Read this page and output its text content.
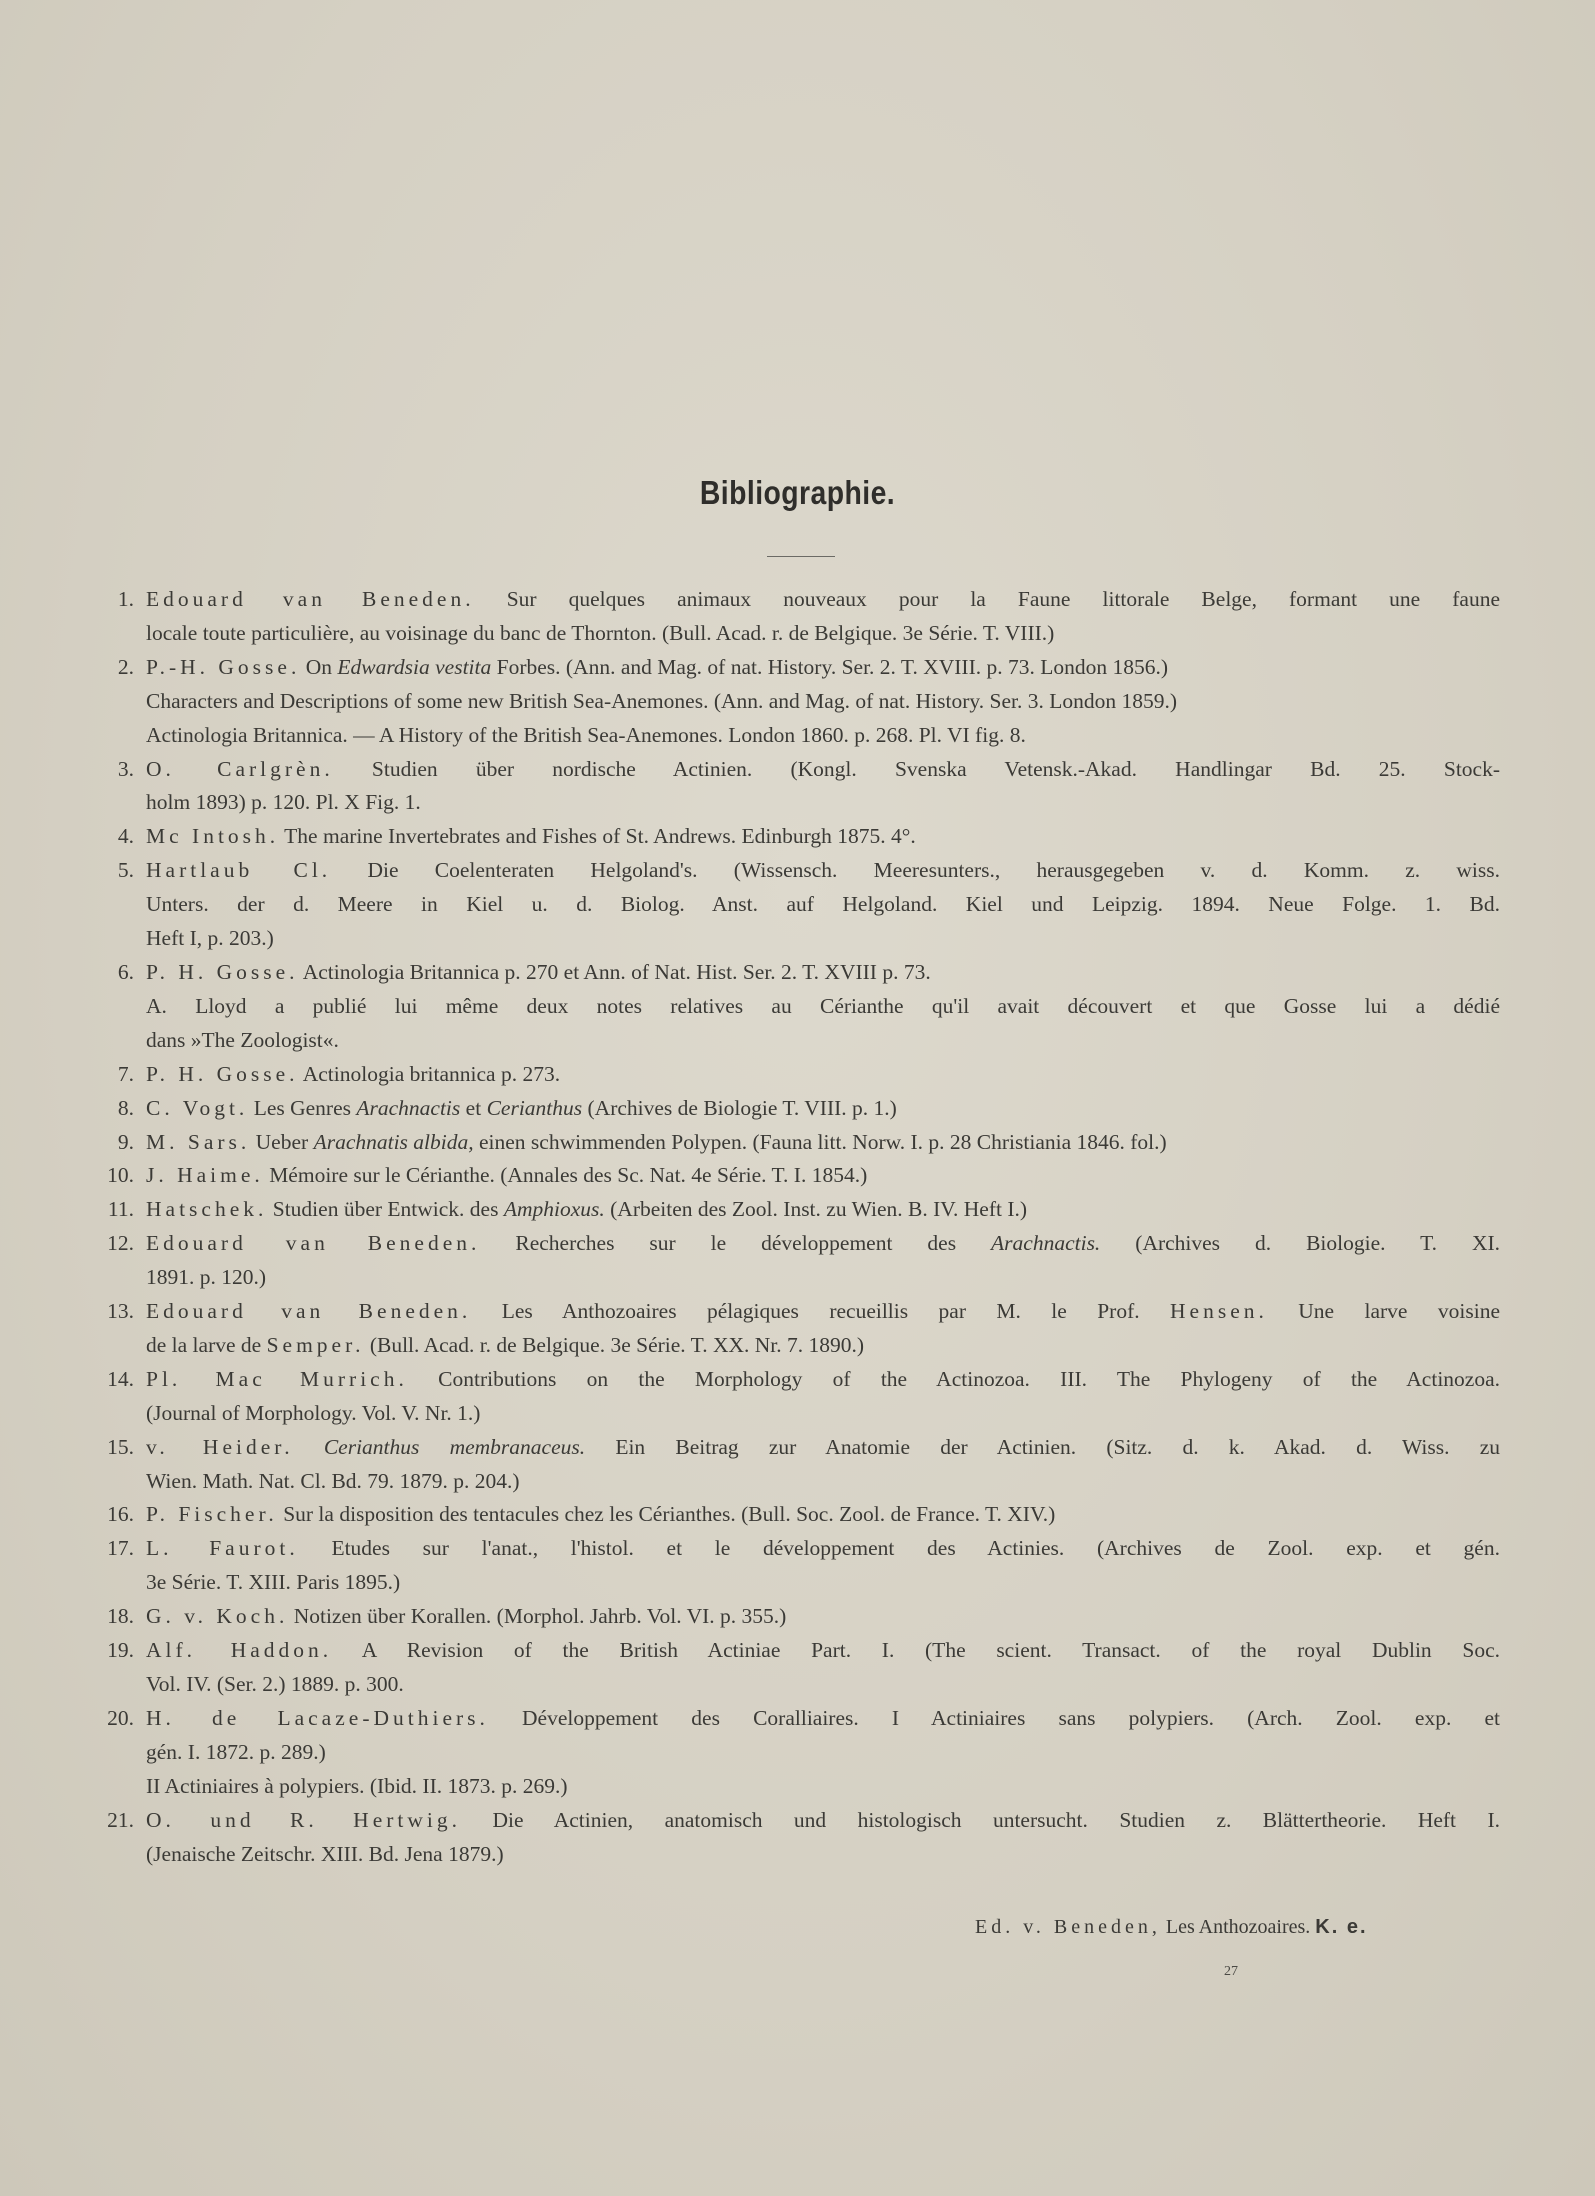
Bibliographie.
1. Edouard van Beneden. Sur quelques animaux nouveaux pour la Faune littorale Belge, formant une faune
locale toute particulière, au voisinage du banc de Thornton. (Bull. Acad. r. de Belgique. 3e Série. T. VIII.)
2. P.-H. Gosse. On Edwardsia vestita Forbes. (Ann. and Mag. of nat. History. Ser. 2. T. XVIII. p. 73. London 1856.)
Characters and Descriptions of some new British Sea-Anemones. (Ann. and Mag. of nat. History. Ser. 3. London 1859.)
Actinologia Britannica. — A History of the British Sea-Anemones. London 1860. p. 268. Pl. VI fig. 8.
3. O. Carlgrèn. Studien über nordische Actinien. (Kongl. Svenska Vetensk.-Akad. Handlingar Bd. 25. Stock-
holm 1893) p. 120. Pl. X Fig. 1.
4. Mc Intosh. The marine Invertebrates and Fishes of St. Andrews. Edinburgh 1875. 4°.
5. Hartlaub Cl. Die Coelenteraten Helgoland's. (Wissensch. Meeresunters., herausgegeben v. d. Komm. z. wiss.
Unters. der d. Meere in Kiel u. d. Biolog. Anst. auf Helgoland. Kiel und Leipzig. 1894. Neue Folge. 1. Bd.
Heft I, p. 203.)
6. P. H. Gosse. Actinologia Britannica p. 270 et Ann. of Nat. Hist. Ser. 2. T. XVIII p. 73.
A. Lloyd a publié lui même deux notes relatives au Cérianthe qu'il avait découvert et que Gosse lui a dédié
dans »The Zoologist«.
7. P. H. Gosse. Actinologia britannica p. 273.
8. C. Vogt. Les Genres Arachnactis et Cerianthus (Archives de Biologie T. VIII. p. 1.)
9. M. Sars. Ueber Arachnatis albida, einen schwimmenden Polypen. (Fauna litt. Norw. I. p. 28 Christiania 1846. fol.)
10. J. Haime. Mémoire sur le Cérianthe. (Annales des Sc. Nat. 4e Série. T. I. 1854.)
11. Hatschek. Studien über Entwick. des Amphioxus. (Arbeiten des Zool. Inst. zu Wien. B. IV. Heft I.)
12. Edouard van Beneden. Recherches sur le développement des Arachnactis. (Archives d. Biologie. T. XI.
1891. p. 120.)
13. Edouard van Beneden. Les Anthozoaires pélagiques recueillis par M. le Prof. Hensen. Une larve voisine
de la larve de Semper. (Bull. Acad. r. de Belgique. 3e Série. T. XX. Nr. 7. 1890.)
14. Pl. Mac Murrich. Contributions on the Morphology of the Actinozoa. III. The Phylogeny of the Actinozoa.
(Journal of Morphology. Vol. V. Nr. 1.)
15. v. Heider. Cerianthus membranaceus. Ein Beitrag zur Anatomie der Actinien. (Sitz. d. k. Akad. d. Wiss. zu
Wien. Math. Nat. Cl. Bd. 79. 1879. p. 204.)
16. P. Fischer. Sur la disposition des tentacules chez les Cérianthes. (Bull. Soc. Zool. de France. T. XIV.)
17. L. Faurot. Etudes sur l'anat., l'histol. et le développement des Actinies. (Archives de Zool. exp. et gén.
3e Série. T. XIII. Paris 1895.)
18. G. v. Koch. Notizen über Korallen. (Morphol. Jahrb. Vol. VI. p. 355.)
19. Alf. Haddon. A Revision of the British Actiniae Part. I. (The scient. Transact. of the royal Dublin Soc.
Vol. IV. (Ser. 2.) 1889. p. 300.
20. H. de Lacaze-Duthiers. Développement des Coralliaires. I Actiniaires sans polypiers. (Arch. Zool. exp. et
gén. I. 1872. p. 289.)
II Actiniaires à polypiers. (Ibid. II. 1873. p. 269.)
21. O. und R. Hertwig. Die Actinien, anatomisch und histologisch untersucht. Studien z. Blättertheorie. Heft I.
(Jenaische Zeitschr. XIII. Bd. Jena 1879.)
Ed. v. Beneden, Les Anthozoaires. K. e.
27
